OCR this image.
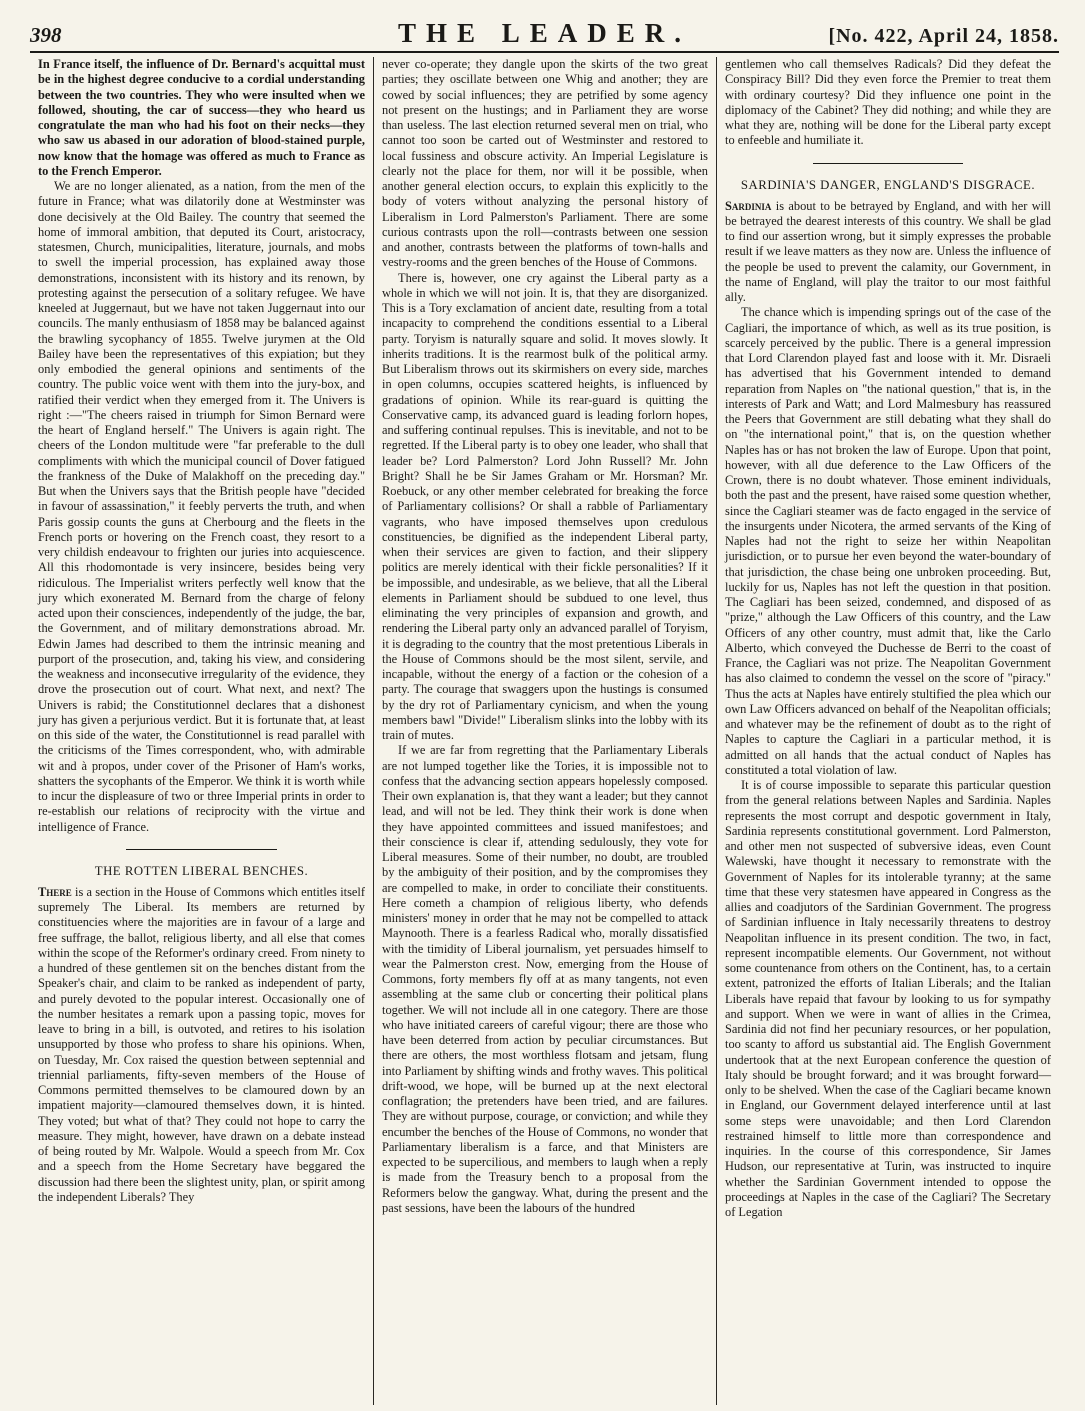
398	THE LEADER.	[No. 422, April 24, 1858.

In France itself, the influence of Dr. Bernard's acquittal must be in the highest degree conducive to a cordial understanding between the two countries. They who were insulted when we followed, shouting, the car of success—they who heard us congratulate the man who had his foot on their necks—they who saw us abased in our adoration of blood-stained purple, now know that the homage was offered as much to France as to the French Emperor.

We are no longer alienated, as a nation, from the men of the future in France; what was dilatorily done at Westminster was done decisively at the Old Bailey. The country that seemed the home of immoral ambition, that deputed its Court, aristocracy, statesmen, Church, municipalities, literature, journals, and mobs to swell the imperial procession, has explained away those demonstrations, inconsistent with its history and its renown, by protesting against the persecution of a solitary refugee. We have kneeled at Juggernaut, but we have not taken Juggernaut into our councils. The manly enthusiasm of 1858 may be balanced against the brawling sycophancy of 1855. Twelve jurymen at the Old Bailey have been the representatives of this expiation; but they only embodied the general opinions and sentiments of the country. The public voice went with them into the jury-box, and ratified their verdict when they emerged from it. The Univers is right :—"The cheers raised in triumph for Simon Bernard were the heart of England herself." The Univers is again right. The cheers of the London multitude were "far preferable to the dull compliments with which the municipal council of Dover fatigued the frankness of the Duke of Malakhoff on the preceding day." But when the Univers says that the British people have "decided in favour of assassination," it feebly perverts the truth, and when Paris gossip counts the guns at Cherbourg and the fleets in the French ports or hovering on the French coast, they resort to a very childish endeavour to frighten our juries into acquiescence. All this rhodomontade is very insincere, besides being very ridiculous. The Imperialist writers perfectly well know that the jury which exonerated M. Bernard from the charge of felony acted upon their consciences, independently of the judge, the bar, the Government, and of military demonstrations abroad. Mr. Edwin James had described to them the intrinsic meaning and purport of the prosecution, and, taking his view, and considering the weakness and inconsecutive irregularity of the evidence, they drove the prosecution out of court. What next, and next? The Univers is rabid; the Constitutionnel declares that a dishonest jury has given a perjurious verdict. But it is fortunate that, at least on this side of the water, the Constitutionnel is read parallel with the criticisms of the Times correspondent, who, with admirable wit and à propos, under cover of the Prisoner of Ham's works, shatters the sycophants of the Emperor. We think it is worth while to incur the displeasure of two or three Imperial prints in order to re-establish our relations of reciprocity with the virtue and intelligence of France.

THE ROTTEN LIBERAL BENCHES.

There is a section in the House of Commons which entitles itself supremely The Liberal. Its members are returned by constituencies where the majorities are in favour of a large and free suffrage, the ballot, religious liberty, and all else that comes within the scope of the Reformer's ordinary creed. From ninety to a hundred of these gentlemen sit on the benches distant from the Speaker's chair, and claim to be ranked as independent of party, and purely devoted to the popular interest. Occasionally one of the number hesitates a remark upon a passing topic, moves for leave to bring in a bill, is outvoted, and retires to his isolation unsupported by those who profess to share his opinions. When, on Tuesday, Mr. Cox raised the question between septennial and triennial parliaments, fifty-seven members of the House of Commons permitted themselves to be clamoured down by an impatient majority—clamoured themselves down, it is hinted. They voted; but what of that? They could not hope to carry the measure. They might, however, have drawn on a debate instead of being routed by Mr. Walpole. Would a speech from Mr. Cox and a speech from the Home Secretary have beggared the discussion had there been the slightest unity, plan, or spirit among the independent Liberals? They

never co-operate; they dangle upon the skirts of the two great parties; they oscillate between one Whig and another; they are cowed by social influences; they are petrified by some agency not present on the hustings; and in Parliament they are worse than useless. The last election returned several men on trial, who cannot too soon be carted out of Westminster and restored to local fussiness and obscure activity. An Imperial Legislature is clearly not the place for them, nor will it be possible, when another general election occurs, to explain this explicitly to the body of voters without analyzing the personal history of Liberalism in Lord Palmerston's Parliament. There are some curious contrasts upon the roll—contrasts between one session and another, contrasts between the platforms of town-halls and vestry-rooms and the green benches of the House of Commons.

There is, however, one cry against the Liberal party as a whole in which we will not join. It is, that they are disorganized. This is a Tory exclamation of ancient date, resulting from a total incapacity to comprehend the conditions essential to a Liberal party. Toryism is naturally square and solid. It moves slowly. It inherits traditions. It is the rearmost bulk of the political army. But Liberalism throws out its skirmishers on every side, marches in open columns, occupies scattered heights, is influenced by gradations of opinion. While its rear-guard is quitting the Conservative camp, its advanced guard is leading forlorn hopes, and suffering continual repulses. This is inevitable, and not to be regretted. If the Liberal party is to obey one leader, who shall that leader be? Lord Palmerston? Lord John Russell? Mr. John Bright? Shall he be Sir James Graham or Mr. Horsman? Mr. Roebuck, or any other member celebrated for breaking the force of Parliamentary collisions? Or shall a rabble of Parliamentary vagrants, who have imposed themselves upon credulous constituencies, be dignified as the independent Liberal party, when their services are given to faction, and their slippery politics are merely identical with their fickle personalities? If it be impossible, and undesirable, as we believe, that all the Liberal elements in Parliament should be subdued to one level, thus eliminating the very principles of expansion and growth, and rendering the Liberal party only an advanced parallel of Toryism, it is degrading to the country that the most pretentious Liberals in the House of Commons should be the most silent, servile, and incapable, without the energy of a faction or the cohesion of a party. The courage that swaggers upon the hustings is consumed by the dry rot of Parliamentary cynicism, and when the young members bawl "Divide!" Liberalism slinks into the lobby with its train of mutes.

If we are far from regretting that the Parliamentary Liberals are not lumped together like the Tories, it is impossible not to confess that the advancing section appears hopelessly composed. Their own explanation is, that they want a leader; but they cannot lead, and will not be led. They think their work is done when they have appointed committees and issued manifestoes; and their conscience is clear if, attending sedulously, they vote for Liberal measures. Some of their number, no doubt, are troubled by the ambiguity of their position, and by the compromises they are compelled to make, in order to conciliate their constituents. Here cometh a champion of religious liberty, who defends ministers' money in order that he may not be compelled to attack Maynooth. There is a fearless Radical who, morally dissatisfied with the timidity of Liberal journalism, yet persuades himself to wear the Palmerston crest. Now, emerging from the House of Commons, forty members fly off at as many tangents, not even assembling at the same club or concerting their political plans together. We will not include all in one category. There are those who have initiated careers of careful vigour; there are those who have been deterred from action by peculiar circumstances. But there are others, the most worthless flotsam and jetsam, flung into Parliament by shifting winds and frothy waves. This political drift-wood, we hope, will be burned up at the next electoral conflagration; the pretenders have been tried, and are failures. They are without purpose, courage, or conviction; and while they encumber the benches of the House of Commons, no wonder that Parliamentary liberalism is a farce, and that Ministers are expected to be supercilious, and members to laugh when a reply is made from the Treasury bench to a proposal from the Reformers below the gangway. What, during the present and the past sessions, have been the labours of the hundred

gentlemen who call themselves Radicals? Did they defeat the Conspiracy Bill? Did they even force the Premier to treat them with ordinary courtesy? Did they influence one point in the diplomacy of the Cabinet? They did nothing; and while they are what they are, nothing will be done for the Liberal party except to enfeeble and humiliate it.

SARDINIA'S DANGER, ENGLAND'S DISGRACE.

Sardinia is about to be betrayed by England, and with her will be betrayed the dearest interests of this country. We shall be glad to find our assertion wrong, but it simply expresses the probable result if we leave matters as they now are. Unless the influence of the people be used to prevent the calamity, our Government, in the name of England, will play the traitor to our most faithful ally.

The chance which is impending springs out of the case of the Cagliari, the importance of which, as well as its true position, is scarcely perceived by the public. There is a general impression that Lord Clarendon played fast and loose with it. Mr. Disraeli has advertised that his Government intended to demand reparation from Naples on "the national question," that is, in the interests of Park and Watt; and Lord Malmesbury has reassured the Peers that Government are still debating what they shall do on "the international point," that is, on the question whether Naples has or has not broken the law of Europe. Upon that point, however, with all due deference to the Law Officers of the Crown, there is no doubt whatever. Those eminent individuals, both the past and the present, have raised some question whether, since the Cagliari steamer was de facto engaged in the service of the insurgents under Nicotera, the armed servants of the King of Naples had not the right to seize her within Neapolitan jurisdiction, or to pursue her even beyond the water-boundary of that jurisdiction, the chase being one unbroken proceeding. But, luckily for us, Naples has not left the question in that position. The Cagliari has been seized, condemned, and disposed of as "prize," although the Law Officers of this country, and the Law Officers of any other country, must admit that, like the Carlo Alberto, which conveyed the Duchesse de Berri to the coast of France, the Cagliari was not prize. The Neapolitan Government has also claimed to condemn the vessel on the score of "piracy." Thus the acts at Naples have entirely stultified the plea which our own Law Officers advanced on behalf of the Neapolitan officials; and whatever may be the refinement of doubt as to the right of Naples to capture the Cagliari in a particular method, it is admitted on all hands that the actual conduct of Naples has constituted a total violation of law.

It is of course impossible to separate this particular question from the general relations between Naples and Sardinia. Naples represents the most corrupt and despotic government in Italy, Sardinia represents constitutional government. Lord Palmerston, and other men not suspected of subversive ideas, even Count Walewski, have thought it necessary to remonstrate with the Government of Naples for its intolerable tyranny; at the same time that these very statesmen have appeared in Congress as the allies and coadjutors of the Sardinian Government. The progress of Sardinian influence in Italy necessarily threatens to destroy Neapolitan influence in its present condition. The two, in fact, represent incompatible elements. Our Government, not without some countenance from others on the Continent, has, to a certain extent, patronized the efforts of Italian Liberals; and the Italian Liberals have repaid that favour by looking to us for sympathy and support. When we were in want of allies in the Crimea, Sardinia did not find her pecuniary resources, or her population, too scanty to afford us substantial aid. The English Government undertook that at the next European conference the question of Italy should be brought forward; and it was brought forward—only to be shelved. When the case of the Cagliari became known in England, our Government delayed interference until at last some steps were unavoidable; and then Lord Clarendon restrained himself to little more than correspondence and inquiries. In the course of this correspondence, Sir James Hudson, our representative at Turin, was instructed to inquire whether the Sardinian Government intended to oppose the proceedings at Naples in the case of the Cagliari? The Secretary of Legation
